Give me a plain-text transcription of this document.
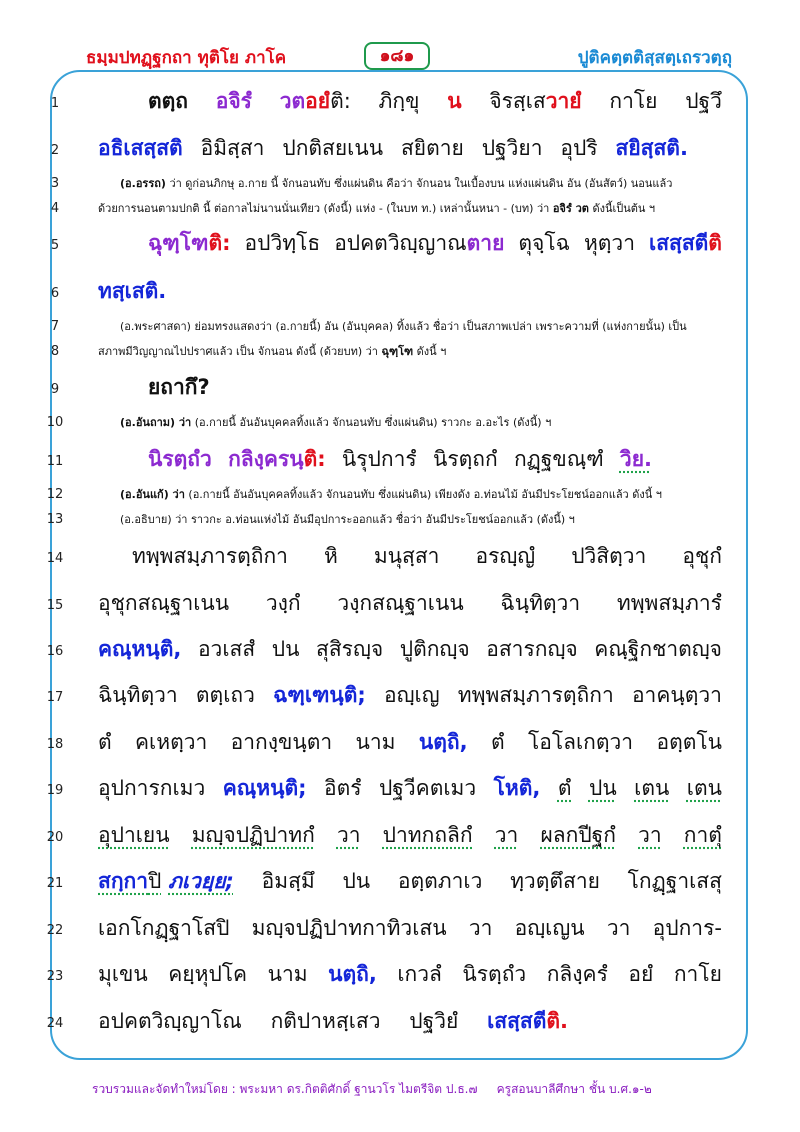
ธมฺมปทฏฺฐกถา ทุติโย ภาโค	๑๘๑	ปูติคตฺตติสฺสตฺเถรวตฺถุ
1
2
3
4
5
6
7
8
9
10
11
12
13
14
15
16
17
18
19
20
21
22
23
24
ตตฺถ อจิรํ วตอยํติ: ภิกฺขุ น จิรสฺเสวายํ กาโย ปฐวึ
อธิเสสฺสติ อิมิสฺสา ปกติสยเนน สยิตาย ปฐวิยา อุปริ สยิสฺสติ.
(อ.อรรถ) ว่า ดูก่อนภิกษุ อ.กาย นี้ จักนอนทับ ซึ่งแผ่นดิน คือว่า จักนอน ในเบื้องบน แห่งแผ่นดิน อัน (อันสัตว์) นอนแล้ว
ด้วยการนอนตามปกติ นี้ ต่อกาลไม่นานนั่นเทียว (ดังนี้) แห่ง - (ในบท ท.) เหล่านั้นหนา - (บท) ว่า อจิรํ วต ดังนี้เป็นต้น ฯ
ฉุฑฺโฑติ: อปวิทฺโธ อปคตวิญฺญาณตาย ตุจฺโฉ หุตฺวา เสสฺสตีติ
ทสฺเสติ.
(อ.พระศาสดา) ย่อมทรงแสดงว่า (อ.กายนี้) อัน (อันบุคคล) ทิ้งแล้ว ชื่อว่า เป็นสภาพเปล่า เพราะความที่ (แห่งกายนั้น) เป็น
สภาพมีวิญญาณไปปราศแล้ว เป็น จักนอน ดังนี้ (ด้วยบท) ว่า ฉุฑฺโฑ ดังนี้ ฯ
ยถากึ?
(อ.อันถาม) ว่า (อ.กายนี้ อันอันบุคคลทิ้งแล้ว จักนอนทับ ซึ่งแผ่นดิน) ราวกะ อ.อะไร (ดังนี้) ฯ
นิรตฺถํว กลิงฺครนฺติ: นิรุปการํ นิรตฺถกํ กฏฺฐขณฺฑํ วิย.
(อ.อันแก้) ว่า (อ.กายนี้ อันอันบุคคลทิ้งแล้ว จักนอนทับ ซึ่งแผ่นดิน) เพียงดัง อ.ท่อนไม้ อันมีประโยชน์ออกแล้ว ดังนี้ ฯ
(อ.อธิบาย) ว่า ราวกะ อ.ท่อนแห่งไม้ อันมีอุปการะออกแล้ว ชื่อว่า อันมีประโยชน์ออกแล้ว (ดังนี้) ฯ
ทพฺพสมฺภารตฺถิกา หิ มนุสฺสา อรญฺญํ ปวิสิตฺวา อุชุกํ
อุชุกสณฺฐาเนน วงฺกํ วงฺกสณฺฐาเนน ฉินฺทิตฺวา ทพฺพสมฺภารํ
คณฺหนฺติ, อวเสสํ ปน สุสิรญฺจ ปูติกญฺจ อสารกญฺจ คณฺฐิกชาตญฺจ
ฉินฺทิตฺวา ตตฺเถว ฉฑฺเฑนฺติ; อญฺเญ ทพฺพสมฺภารตฺถิกา อาคนฺตฺวา
ตํ คเหตฺวา อากงฺขนฺตา นาม นตฺถิ, ตํ โอโลเกตฺวา อตฺตโน
อุปการกเมว คณฺหนฺติ; อิตรํ ปฐวีคตเมว โหติ, ตํ ปน เตน เตน
อุปาเยน มญฺจปฏิปาทกํ วา ปาทกถลิกํ วา ผลกปีฐกํ วา กาตุํ
สกฺกาปิ ภเวยฺย; อิมสฺมึ ปน อตฺตภาเว ทฺวตฺตึสาย โกฏฺฐาเสสุ
เอกโกฏฺฐาโสปิ มญฺจปฏิปาทกาทิวเสน วา อญฺเญน วา อุปการ-
มุเขน คยฺหุปโค นาม นตฺถิ, เกวลํ นิรตฺถํว กลิงฺครํ อยํ กาโย
อปคตวิญฺญาโณ กติปาหสฺเสว ปฐวิยํ เสสฺสตีติ.
รวบรวมและจัดทำใหม่โดย : พระมหา ดร.กิตติศักดิ์ ฐานวโร ไมตรีจิต ป.ธ.๗ ครูสอนบาลีศึกษา ชั้น บ.ศ.๑-๒
